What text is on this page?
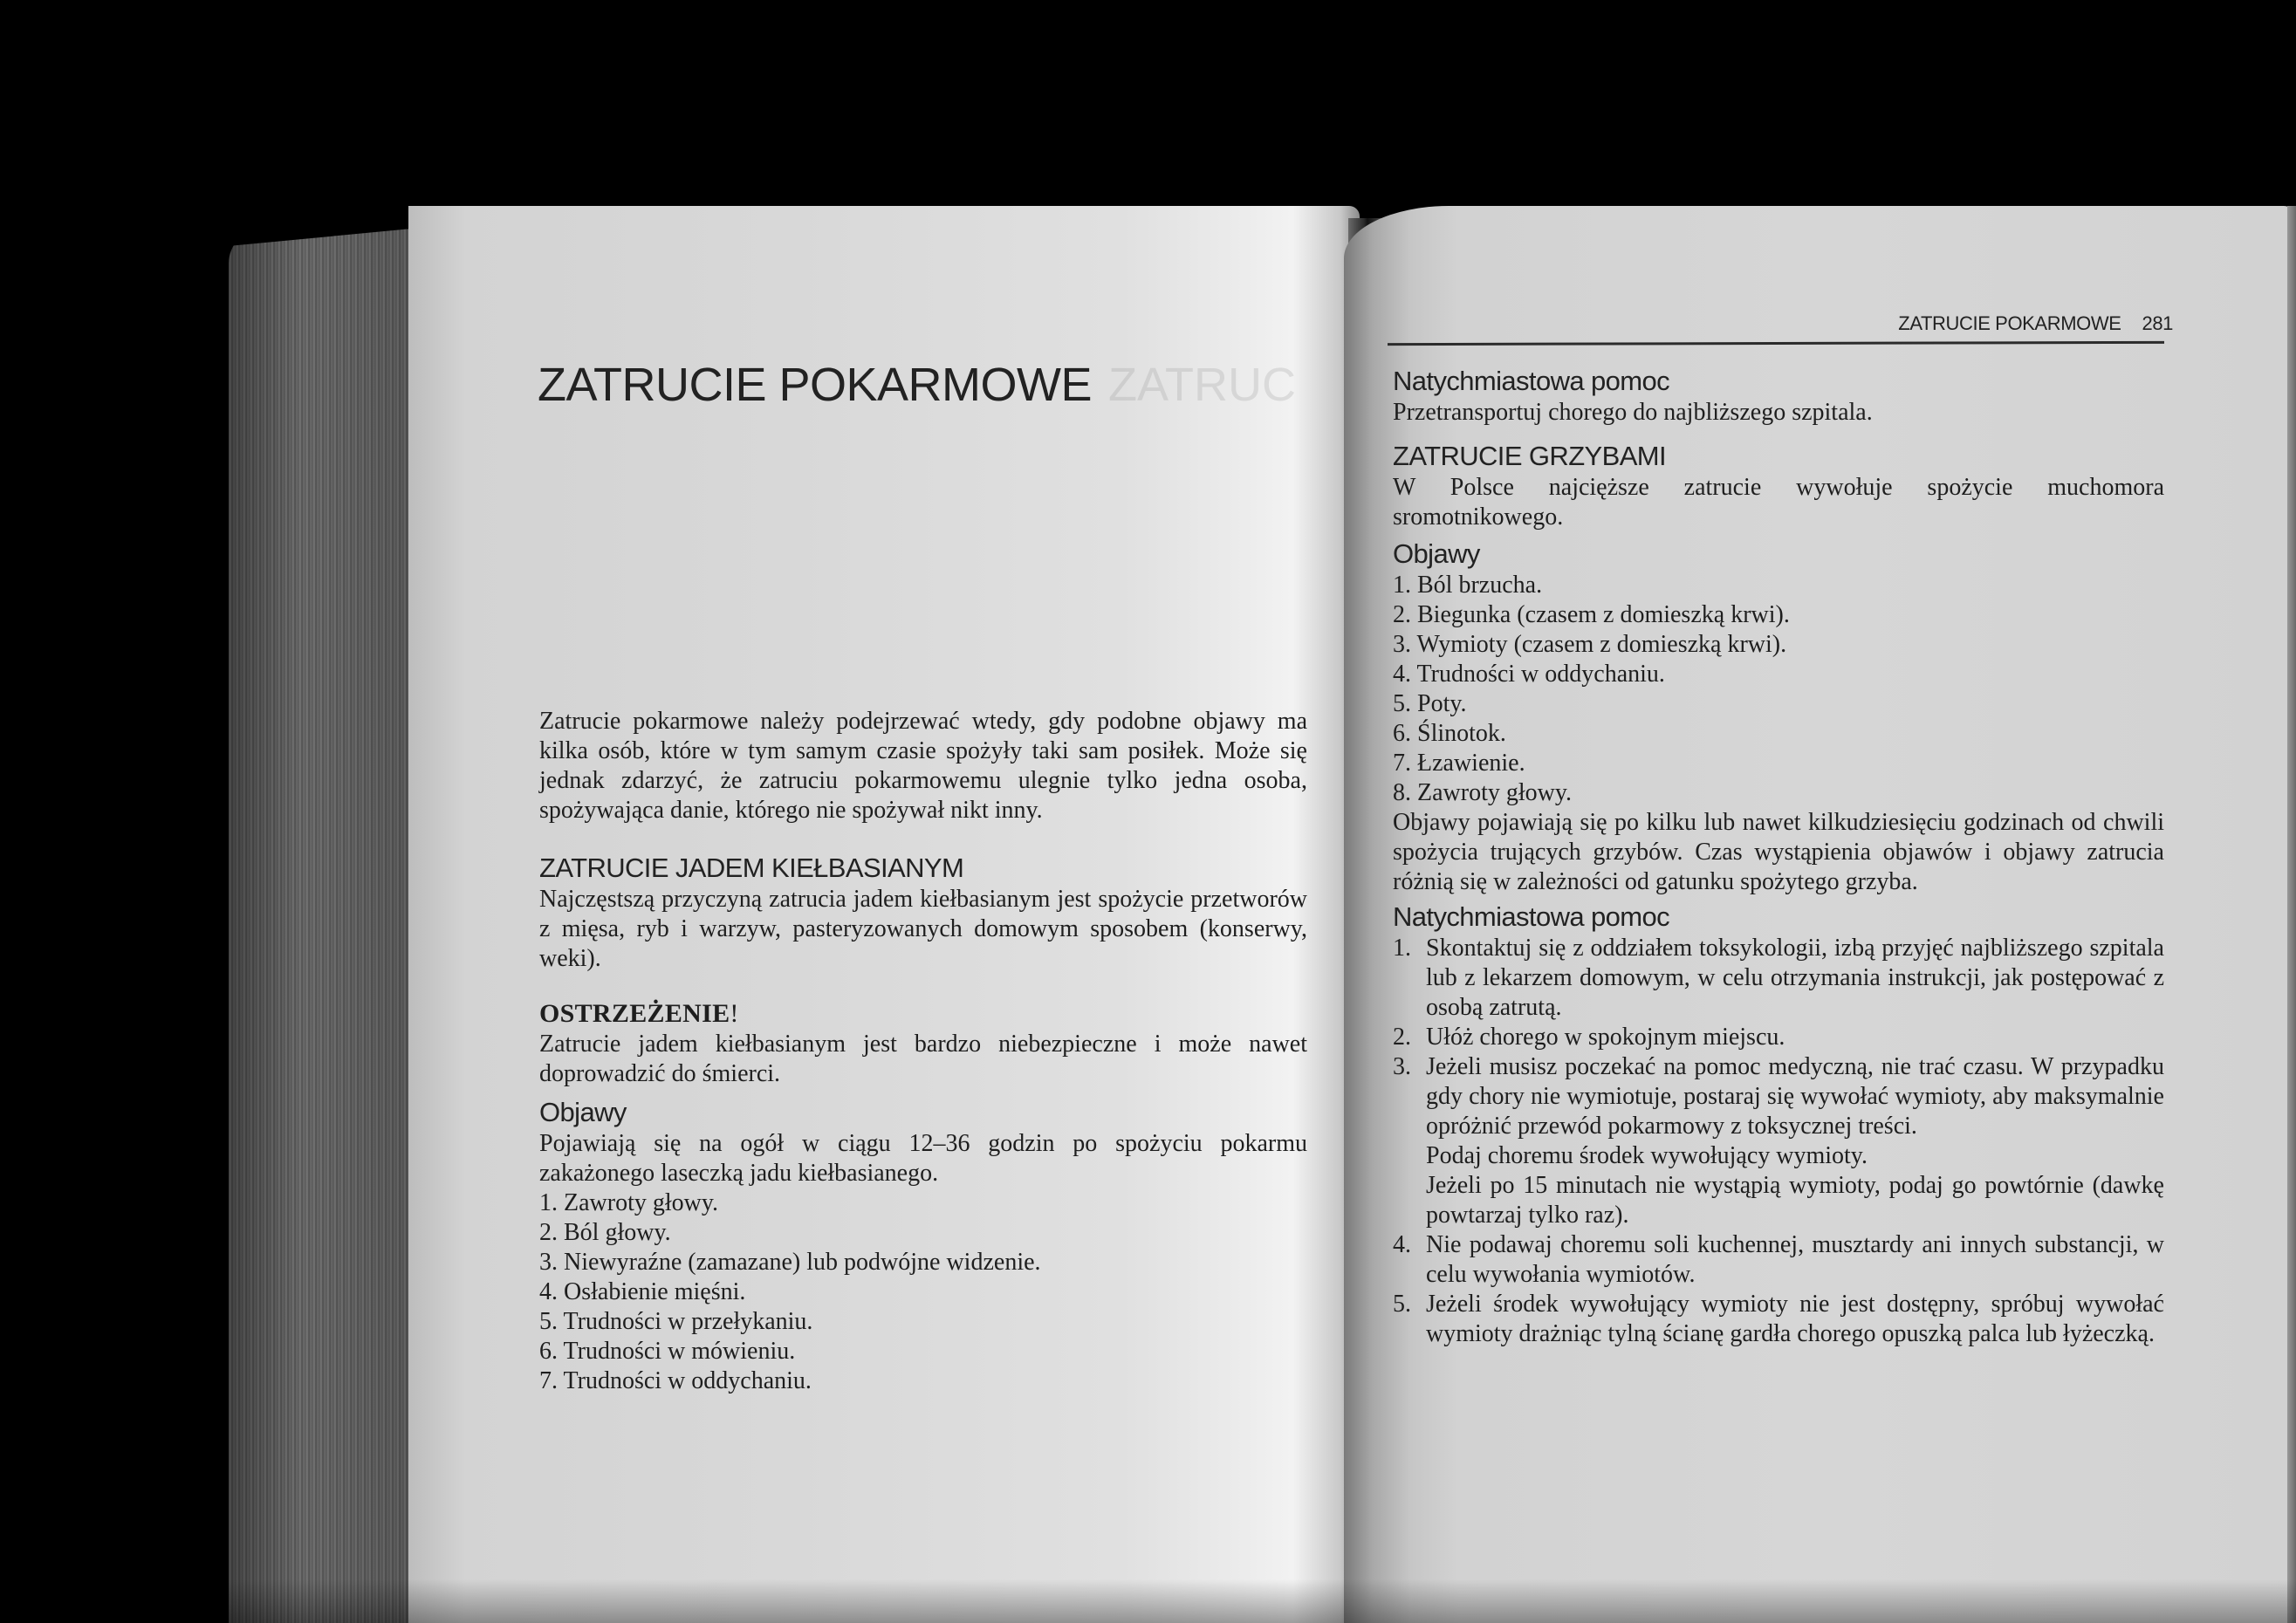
ZATRUC
ZATRUCIE POKARMOWE

Zatrucie pokarmowe należy podejrzewać wtedy, gdy podobne objawy ma kilka osób, które w tym samym czasie spożyły taki sam posiłek. Może się jednak zdarzyć, że zatruciu pokarmowemu ulegnie tylko jedna osoba, spożywająca danie, którego nie spożywał nikt inny.

ZATRUCIE JADEM KIEŁBASIANYM

Najczęstszą przyczyną zatrucia jadem kiełbasianym jest spożycie przetworów z mięsa, ryb i warzyw, pasteryzowanych domowym sposobem (konserwy, weki).

OSTRZEŻENIE!

Zatrucie jadem kiełbasianym jest bardzo niebezpieczne i może nawet doprowadzić do śmierci.

Objawy

Pojawiają się na ogół w ciągu 12–36 godzin po spożyciu pokarmu zakażonego laseczką jadu kiełbasianego.

1. Zawroty głowy.
2. Ból głowy.
3. Niewyraźne (zamazane) lub podwójne widzenie.
4. Osłabienie mięśni.
5. Trudności w przełykaniu.
6. Trudności w mówieniu.
7. Trudności w oddychaniu.
ZATRUCIE POKARMOWE 281

Natychmiastowa pomoc

Przetransportuj chorego do najbliższego szpitala.

ZATRUCIE GRZYBAMI

W Polsce najcięższe zatrucie wywołuje spożycie muchomora sromotnikowego.

Objawy

1. Ból brzucha.
2. Biegunka (czasem z domieszką krwi).
3. Wymioty (czasem z domieszką krwi).
4. Trudności w oddychaniu.
5. Poty.
6. Ślinotok.
7. Łzawienie.
8. Zawroty głowy.

Objawy pojawiają się po kilku lub nawet kilkudziesięciu godzinach od chwili spożycia trujących grzybów. Czas wystąpienia objawów i objawy zatrucia różnią się w zależności od gatunku spożytego grzyba.

Natychmiastowa pomoc

1. Skontaktuj się z oddziałem toksykologii, izbą przyjęć najbliższego szpitala lub z lekarzem domowym, w celu otrzymania instrukcji, jak postępować z osobą zatrutą.
2. Ułóż chorego w spokojnym miejscu.
3. Jeżeli musisz poczekać na pomoc medyczną, nie trać czasu. W przypadku gdy chory nie wymiotuje, postaraj się wywołać wymioty, aby maksymalnie opróżnić przewód pokarmowy z toksycznej treści.
Podaj choremu środek wywołujący wymioty.
Jeżeli po 15 minutach nie wystąpią wymioty, podaj go powtórnie (dawkę powtarzaj tylko raz).
4. Nie podawaj choremu soli kuchennej, musztardy ani innych substancji, w celu wywołania wymiotów.
5. Jeżeli środek wywołujący wymioty nie jest dostępny, spróbuj wywołać wymioty drażniąc tylną ścianę gardła chorego opuszką palca lub łyżeczką.
